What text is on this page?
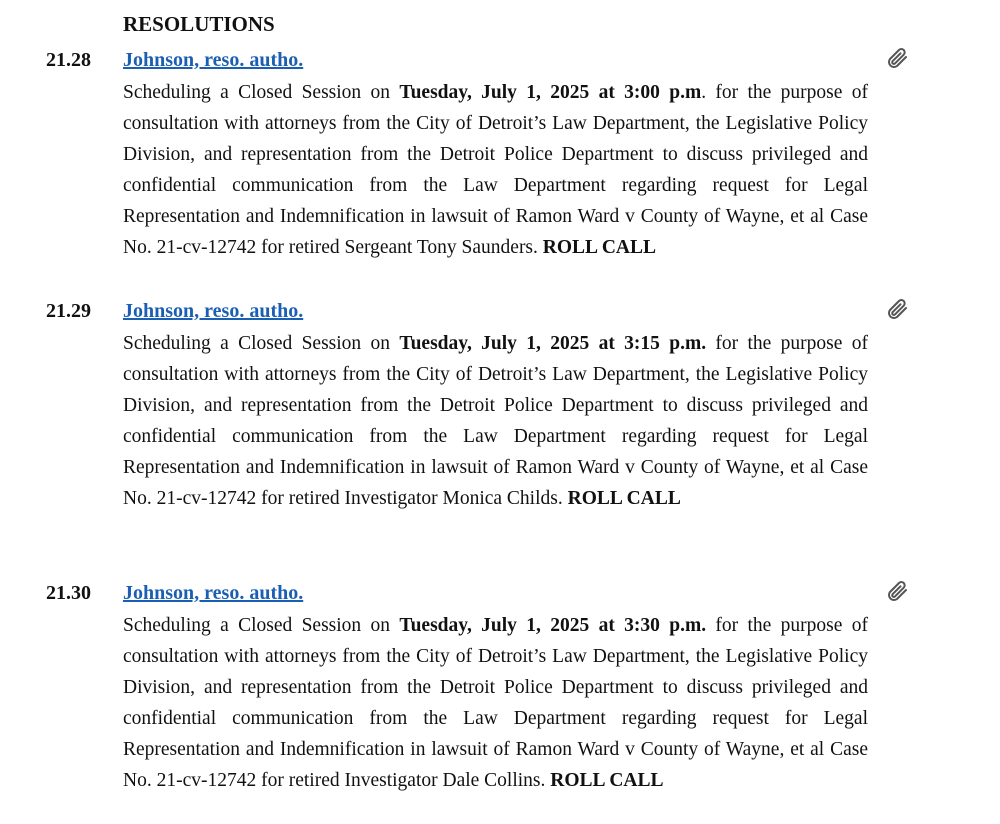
RESOLUTIONS
21.28 Johnson, reso. autho.

Scheduling a Closed Session on Tuesday, July 1, 2025 at 3:00 p.m. for the purpose of consultation with attorneys from the City of Detroit’s Law Department, the Legislative Policy Division, and representation from the Detroit Police Department to discuss privileged and confidential communication from the Law Department regarding request for Legal Representation and Indemnification in lawsuit of Ramon Ward v County of Wayne, et al Case No. 21-cv-12742 for retired Sergeant Tony Saunders. ROLL CALL

21.29 Johnson, reso. autho.

Scheduling a Closed Session on Tuesday, July 1, 2025 at 3:15 p.m. for the purpose of consultation with attorneys from the City of Detroit’s Law Department, the Legislative Policy Division, and representation from the Detroit Police Department to discuss privileged and confidential communication from the Law Department regarding request for Legal Representation and Indemnification in lawsuit of Ramon Ward v County of Wayne, et al Case No. 21-cv-12742 for retired Investigator Monica Childs. ROLL CALL

21.30 Johnson, reso. autho.

Scheduling a Closed Session on Tuesday, July 1, 2025 at 3:30 p.m. for the purpose of consultation with attorneys from the City of Detroit’s Law Department, the Legislative Policy Division, and representation from the Detroit Police Department to discuss privileged and confidential communication from the Law Department regarding request for Legal Representation and Indemnification in lawsuit of Ramon Ward v County of Wayne, et al Case No. 21-cv-12742 for retired Investigator Dale Collins. ROLL CALL
